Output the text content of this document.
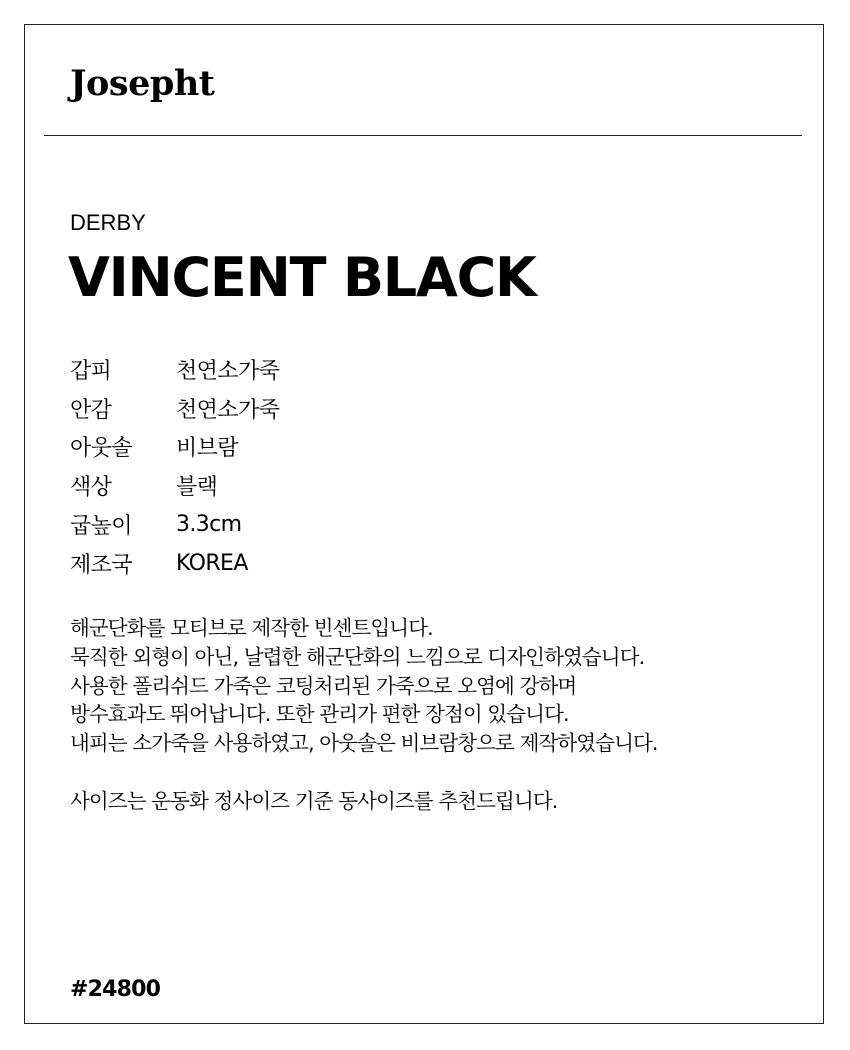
Josepht
DERBY
VINCENT BLACK
갑피	천연소가죽
안감	천연소가죽
아웃솔	비브람
색상	블랙
굽높이	3.3cm
제조국	KOREA
해군단화를 모티브로 제작한 빈센트입니다.
묵직한 외형이 아닌, 날렵한 해군단화의 느낌으로 디자인하였습니다.
사용한 폴리쉬드 가죽은 코팅처리된 가죽으로 오염에 강하며
방수효과도 뛰어납니다. 또한 관리가 편한 장점이 있습니다.
내피는 소가죽을 사용하였고, 아웃솔은 비브람창으로 제작하였습니다.
사이즈는 운동화 정사이즈 기준 동사이즈를 추천드립니다.
#24800
